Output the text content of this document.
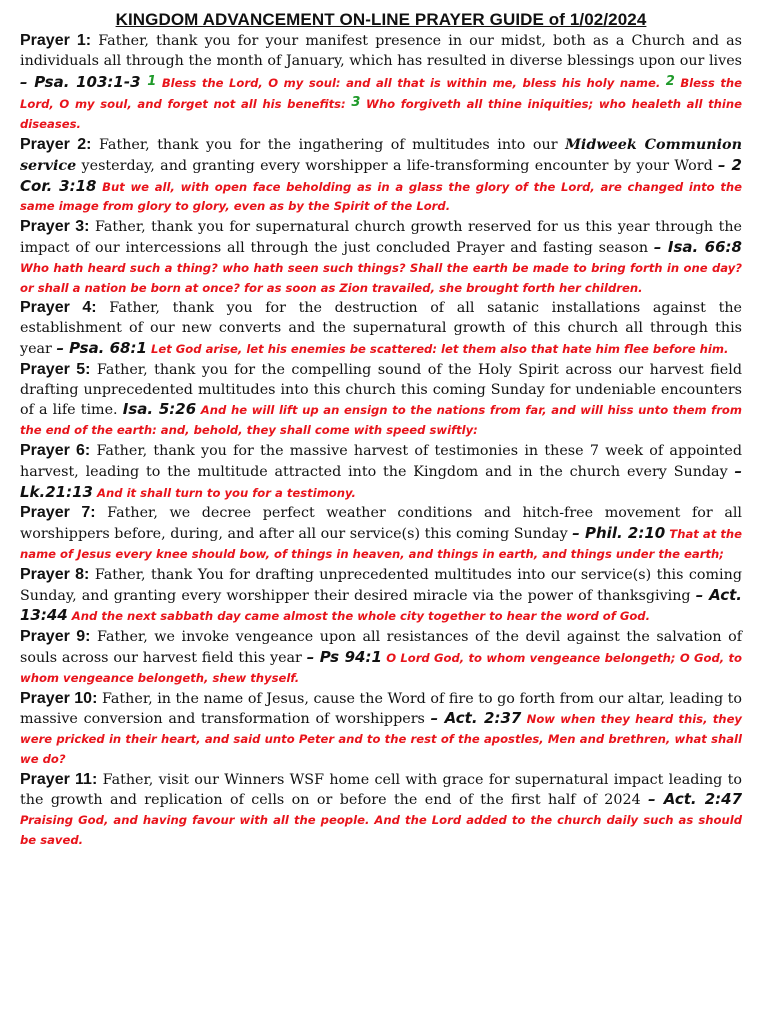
KINGDOM ADVANCEMENT ON-LINE PRAYER GUIDE of 1/02/2024

Prayer 1: Father, thank you for your manifest presence in our midst, both as a Church and as individuals all through the month of January, which has resulted in diverse blessings upon our lives – Psa. 103:1-3 1 Bless the Lord, O my soul: and all that is within me, bless his holy name. 2 Bless the Lord, O my soul, and forget not all his benefits: 3 Who forgiveth all thine iniquities; who healeth all thine diseases.

Prayer 2: Father, thank you for the ingathering of multitudes into our Midweek Communion service yesterday, and granting every worshipper a life-transforming encounter by your Word – 2 Cor. 3:18 But we all, with open face beholding as in a glass the glory of the Lord, are changed into the same image from glory to glory, even as by the Spirit of the Lord.

Prayer 3: Father, thank you for supernatural church growth reserved for us this year through the impact of our intercessions all through the just concluded Prayer and fasting season – Isa. 66:8 Who hath heard such a thing? who hath seen such things? Shall the earth be made to bring forth in one day? or shall a nation be born at once? for as soon as Zion travailed, she brought forth her children.

Prayer 4: Father, thank you for the destruction of all satanic installations against the establishment of our new converts and the supernatural growth of this church all through this year – Psa. 68:1 Let God arise, let his enemies be scattered: let them also that hate him flee before him.

Prayer 5: Father, thank you for the compelling sound of the Holy Spirit across our harvest field drafting unprecedented multitudes into this church this coming Sunday for undeniable encounters of a life time. Isa. 5:26 And he will lift up an ensign to the nations from far, and will hiss unto them from the end of the earth: and, behold, they shall come with speed swiftly:

Prayer 6: Father, thank you for the massive harvest of testimonies in these 7 week of appointed harvest, leading to the multitude attracted into the Kingdom and in the church every Sunday – Lk.21:13 And it shall turn to you for a testimony.

Prayer 7: Father, we decree perfect weather conditions and hitch-free movement for all worshippers before, during, and after all our service(s) this coming Sunday – Phil. 2:10 That at the name of Jesus every knee should bow, of things in heaven, and things in earth, and things under the earth;

Prayer 8: Father, thank You for drafting unprecedented multitudes into our service(s) this coming Sunday, and granting every worshipper their desired miracle via the power of thanksgiving – Act. 13:44 And the next sabbath day came almost the whole city together to hear the word of God.

Prayer 9: Father, we invoke vengeance upon all resistances of the devil against the salvation of souls across our harvest field this year – Ps 94:1 O Lord God, to whom vengeance belongeth; O God, to whom vengeance belongeth, shew thyself.

Prayer 10: Father, in the name of Jesus, cause the Word of fire to go forth from our altar, leading to massive conversion and transformation of worshippers – Act. 2:37 Now when they heard this, they were pricked in their heart, and said unto Peter and to the rest of the apostles, Men and brethren, what shall we do?

Prayer 11: Father, visit our Winners WSF home cell with grace for supernatural impact leading to the growth and replication of cells on or before the end of the first half of 2024 – Act. 2:47 Praising God, and having favour with all the people. And the Lord added to the church daily such as should be saved.
